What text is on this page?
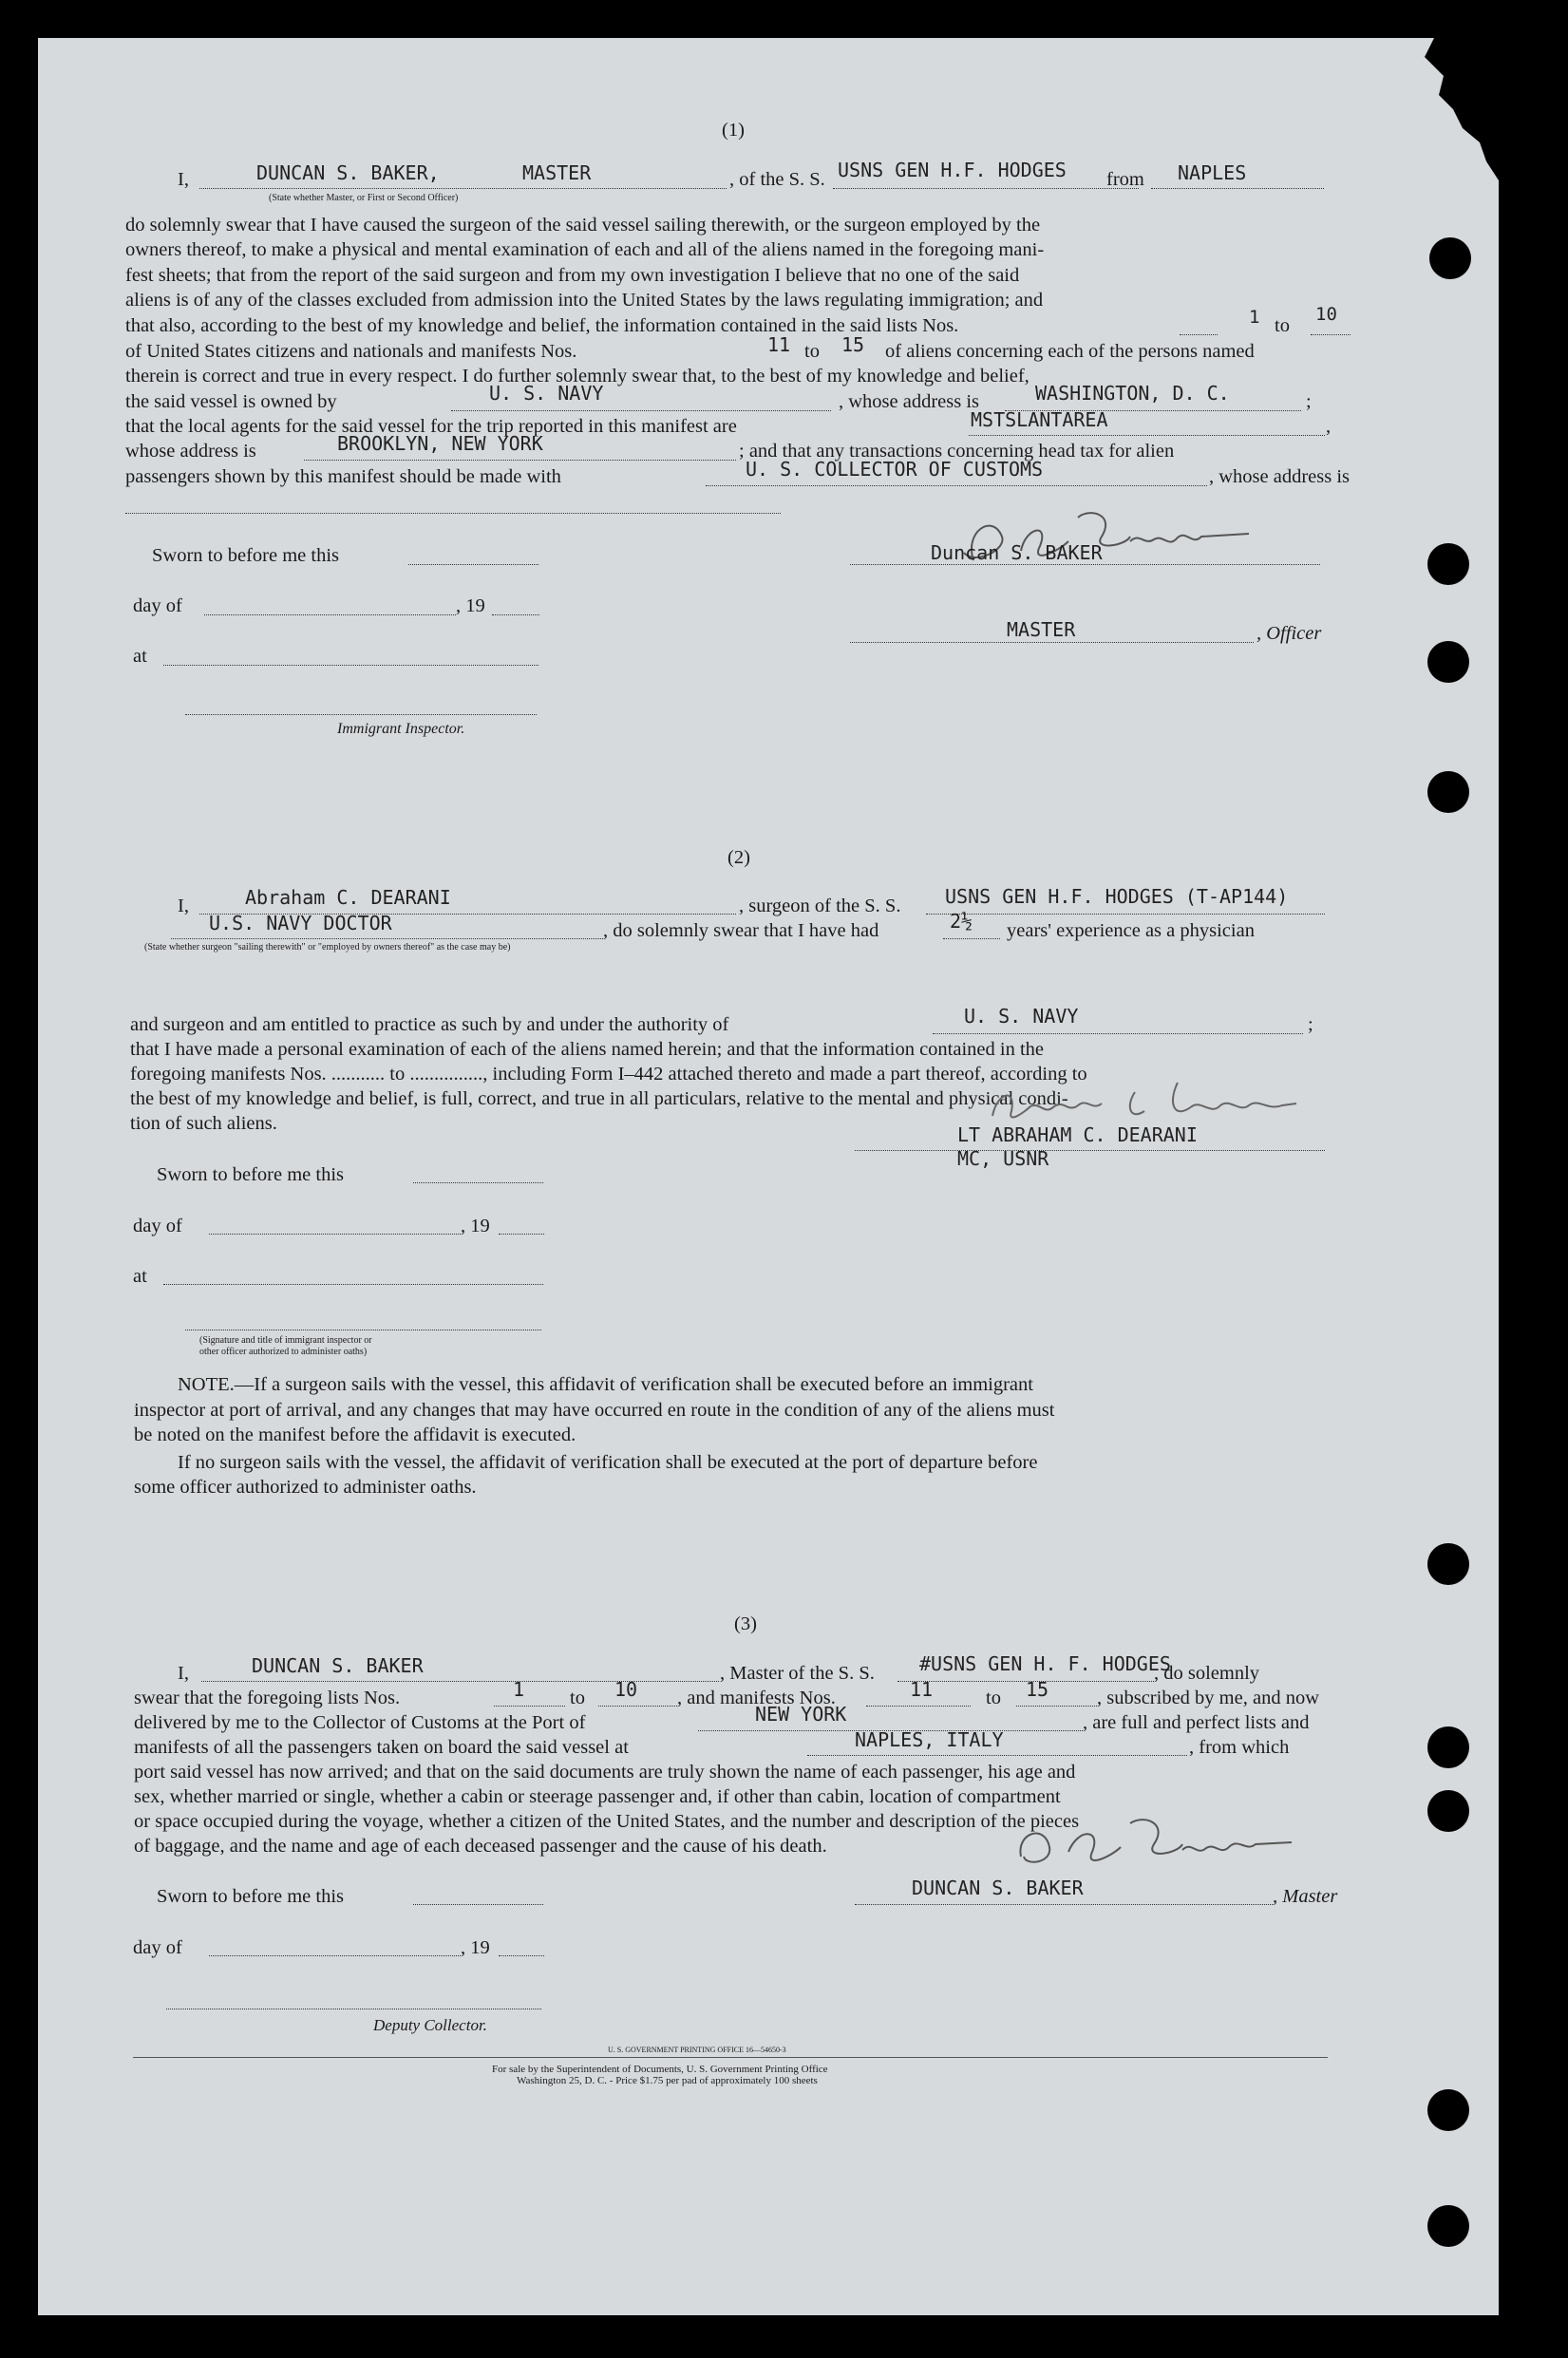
(1)
I,	DUNCAN S. BAKER,	MASTER
(State whether Master, or First or Second Officer)
, of the S. S. USNS GEN H.F. HODGES from NAPLES
do solemnly swear that I have caused the surgeon of the said vessel sailing therewith, or the surgeon employed by the
owners thereof, to make a physical and mental examination of each and all of the aliens named in the foregoing mani-
fest sheets; that from the report of the said surgeon and from my own investigation I believe that no one of the said
aliens is of any of the classes excluded from admission into the United States by the laws regulating immigration; and
that also, according to the best of my knowledge and belief, the information contained in the said lists Nos.	1 to
10
of United States citizens and nationals and manifests Nos.	11 to 15 of aliens concerning each of the persons named
therein is correct and true in every respect. I do further solemnly swear that, to the best of my knowledge and belief,
the said vessel is owned by	U. S. NAVY	, whose address is	WASHINGTON, D. C.	;
that the local agents for the said vessel for the trip reported in this manifest are	MSTSLANTAREA	,
whose address is	BROOKLYN, NEW YORK	; and that any transactions concerning head tax for alien
passengers shown by this manifest should be made with	U. S. COLLECTOR OF CUSTOMS	, whose address is
Sworn to before me this	Duncan S. BAKER
day of	, 19
MASTER	, Officer
at
Immigrant Inspector.
(2)
I,	Abraham C. DEARANI	, surgeon of the S. S. USNS GEN H.F. HODGES (T-AP144)
U.S. NAVY DOCTOR	, do solemnly swear that I have had	2½ years' experience as a physician
(State whether surgeon "sailing therewith" or "employed by owners thereof" as the case may be)
and surgeon and am entitled to practice as such by and under the authority of	U. S. NAVY	;
that I have made a personal examination of each of the aliens named herein; and that the information contained in the
foregoing manifests Nos. ........... to ..............., including Form I–442 attached thereto and made a part thereof, according to
the best of my knowledge and belief, is full, correct, and true in all particulars, relative to the mental and physical condi-
tion of such aliens.
Sworn to before me this
LT ABRAHAM C. DEARANI
MC, USNR
day of	, 19
at
(Signature and title of immigrant inspector or
other officer authorized to administer oaths)
NOTE.—If a surgeon sails with the vessel, this affidavit of verification shall be executed before an immigrant
inspector at port of arrival, and any changes that may have occurred en route in the condition of any of the aliens must
be noted on the manifest before the affidavit is executed.
If no surgeon sails with the vessel, the affidavit of verification shall be executed at the port of departure before
some officer authorized to administer oaths.
(3)
I,	DUNCAN S. BAKER	, Master of the S. S. #USNS GEN H. F. HODGES
, do solemnly
swear that the foregoing lists Nos.	1 to 10 , and manifests Nos.	11	to 15 , subscribed by me, and now
delivered by me to the Collector of Customs at the Port of	NEW YORK	, are full and perfect lists and
manifests of all the passengers taken on board the said vessel at	NAPLES, ITALY	, from which
port said vessel has now arrived; and that on the said documents are truly shown the name of each passenger, his age and
sex, whether married or single, whether a cabin or steerage passenger and, if other than cabin, location of compartment
or space occupied during the voyage, whether a citizen of the United States, and the number and description of the pieces
of baggage, and the name and age of each deceased passenger and the cause of his death.
Sworn to before me this	DUNCAN S. BAKER	, Master
day of	, 19
Deputy Collector.
U. S. GOVERNMENT PRINTING OFFICE 16—54650-3
For sale by the Superintendent of Documents, U. S. Government Printing Office
Washington 25, D. C. - Price $1.75 per pad of approximately 100 sheets
